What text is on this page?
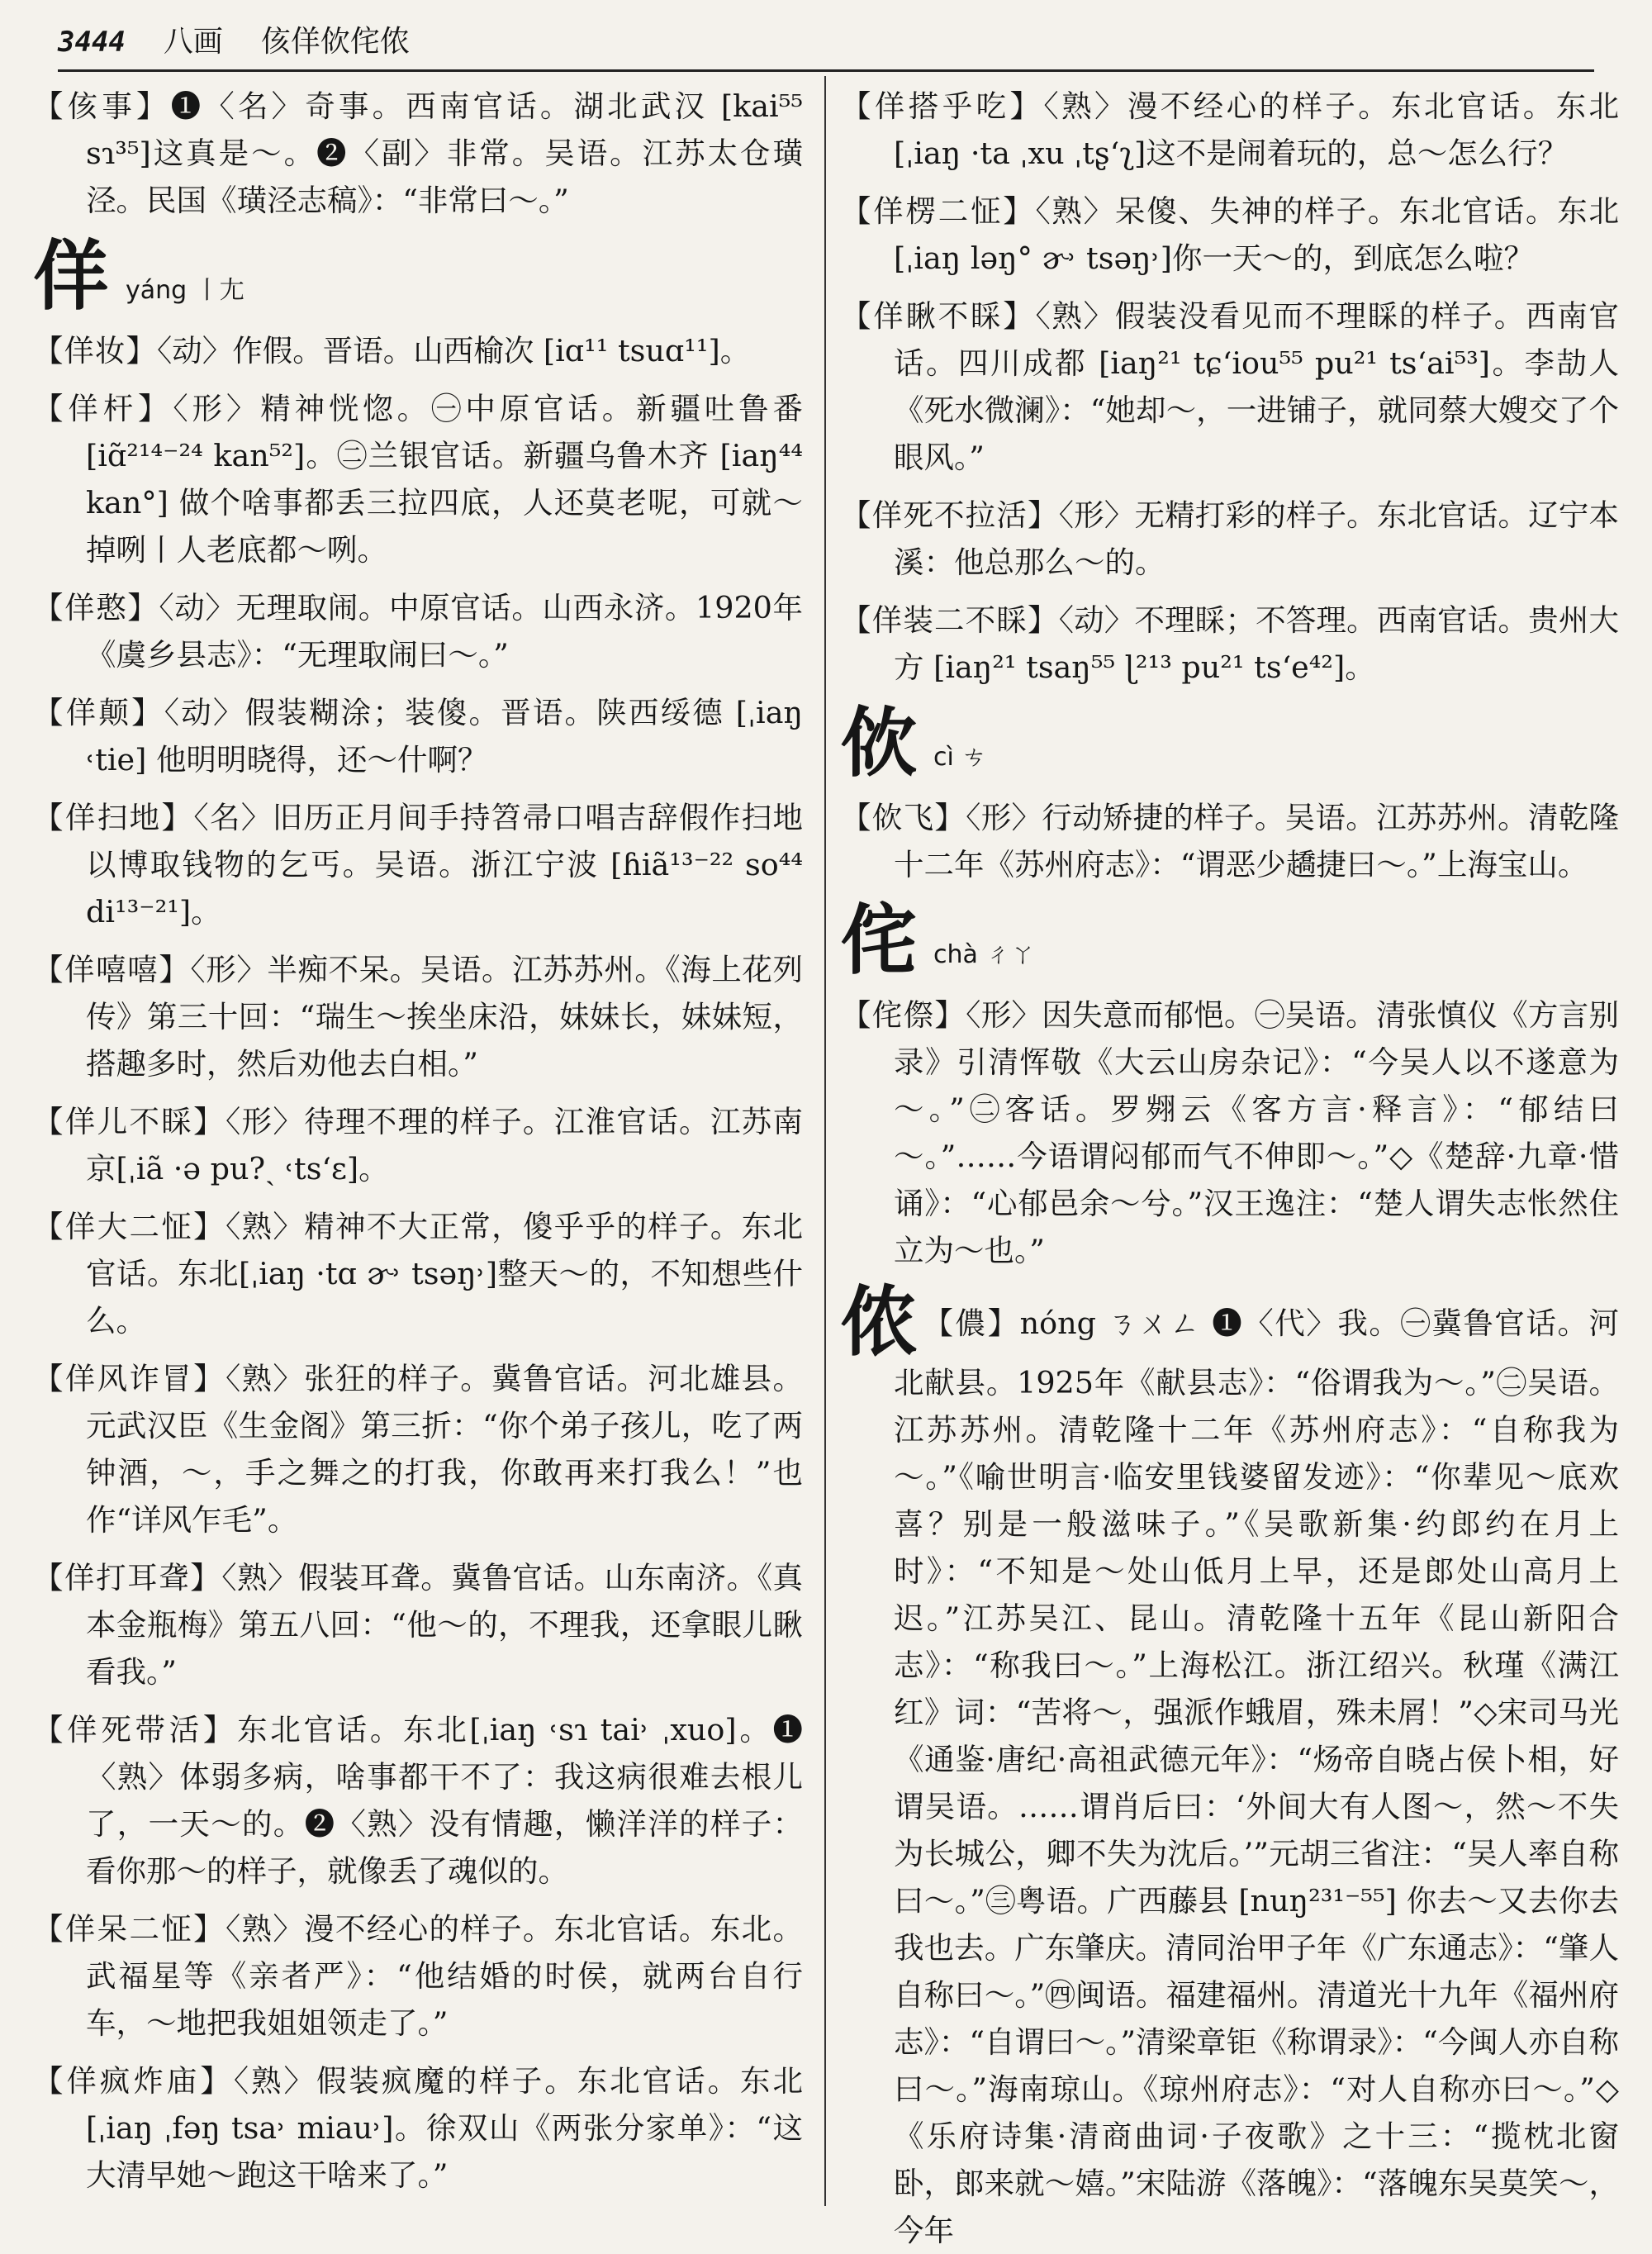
3444 八画 侅佯佽侘侬

【侅事】❶〈名〉奇事。西南官话。湖北武汉 [kai⁵⁵ sɿ³⁵]这真是～。❷〈副〉非常。吴语。江苏太仓璜泾。民国《璜泾志稿》：“非常曰～。”

佯 yáng 丨尢

【佯妆】〈动〉作假。晋语。山西榆次 [iɑ¹¹ tsuɑ¹¹]。

【佯杆】〈形〉精神恍惚。㊀中原官话。新疆吐鲁番 [iɑ̃²¹⁴⁻²⁴ kan⁵²]。㊁兰银官话。新疆乌鲁木齐 [iaŋ⁴⁴ kan°] 做个啥事都丢三拉四底，人还莫老呢，可就～掉咧丨人老底都～咧。

【佯憨】〈动〉无理取闹。中原官话。山西永济。1920年《虞乡县志》：“无理取闹曰～。”

【佯颠】〈动〉假装糊涂；装傻。晋语。陕西绥德 [ˌiaŋ ˓tie] 他明明晓得，还～什啊？

【佯扫地】〈名〉旧历正月间手持笤帚口唱吉辞假作扫地以博取钱物的乞丐。吴语。浙江宁波 [ɦiã¹³⁻²² so⁴⁴ di¹³⁻²¹]。

【佯嘻嘻】〈形〉半痴不呆。吴语。江苏苏州。《海上花列传》第三十回：“瑞生～挨坐床沿，妹妹长，妹妹短，搭趣多时，然后劝他去白相。”

【佯儿不睬】〈形〉待理不理的样子。江淮官话。江苏南京[ˌiã ·ə pu?ˎ ˓ts‘ɛ]。

【佯大二怔】〈熟〉精神不大正常，傻乎乎的样子。东北官话。东北[ˌiaŋ ·tɑ ɚ˒ tsəŋ˒]整天～的，不知想些什么。

【佯风诈冒】〈熟〉张狂的样子。冀鲁官话。河北雄县。元武汉臣《生金阁》第三折：“你个弟子孩儿，吃了两钟酒，～，手之舞之的打我，你敢再来打我么！”也作“详风乍毛”。

【佯打耳聋】〈熟〉假装耳聋。冀鲁官话。山东南济。《真本金瓶梅》第五八回：“他～的，不理我，还拿眼儿瞅看我。”

【佯死带活】东北官话。东北[ˌiaŋ ˓sɿ tai˒ ˌxuo]。❶〈熟〉体弱多病，啥事都干不了：我这病很难去根儿了，一天～的。❷〈熟〉没有情趣，懒洋洋的样子：看你那～的样子，就像丢了魂似的。

【佯呆二怔】〈熟〉漫不经心的样子。东北官话。东北。武福星等《亲者严》：“他结婚的时侯，就两台自行车，～地把我姐姐领走了。”

【佯疯炸庙】〈熟〉假装疯魔的样子。东北官话。东北[ˌiaŋ ˌfəŋ tsa˒ miau˒]。徐双山《两张分家单》：“这大清早她～跑这干啥来了。”

【佯搭乎吃】〈熟〉漫不经心的样子。东北官话。东北[ˌiaŋ ·ta ˌxu ˌtʂ‘ʅ]这不是闹着玩的，总～怎么行？

【佯楞二怔】〈熟〉呆傻、失神的样子。东北官话。东北[ˌiaŋ ləŋ° ɚ˒ tsəŋ˒]你一天～的，到底怎么啦？

【佯瞅不睬】〈熟〉假装没看见而不理睬的样子。西南官话。四川成都 [iaŋ²¹ tɕ‘iou⁵⁵ pu²¹ ts‘ai⁵³]。李劼人《死水微澜》：“她却～，一进铺子，就同蔡大嫂交了个眼风。”

【佯死不拉活】〈形〉无精打彩的样子。东北官话。辽宁本溪：他总那么～的。

【佯装二不睬】〈动〉不理睬；不答理。西南官话。贵州大方 [iaŋ²¹ tsaŋ⁵⁵ ɭ²¹³ pu²¹ ts‘e⁴²]。

佽 cì ㄘ

【佽飞】〈形〉行动矫捷的样子。吴语。江苏苏州。清乾隆十二年《苏州府志》：“谓恶少趫捷曰～。”上海宝山。

侘 chà ㄔㄚ

【侘傺】〈形〉因失意而郁悒。㊀吴语。清张慎仪《方言别录》引清恽敬《大云山房杂记》：“今吴人以不遂意为～。”㊁客话。罗翙云《客方言·释言》：“郁结曰～。”……今语谓闷郁而气不伸即～。”◇《楚辞·九章·惜诵》：“心郁邑余～兮。”汉王逸注：“楚人谓失志怅然住立为～也。”

侬 【儂】nóng ㄋㄨㄥ ❶〈代〉我。㊀冀鲁官话。河北献县。1925年《献县志》：“俗谓我为～。”㊁吴语。江苏苏州。清乾隆十二年《苏州府志》：“自称我为～。”《喻世明言·临安里钱婆留发迹》：“你辈见～底欢喜？别是一般滋味子。”《吴歌新集·约郎约在月上时》：“不知是～处山低月上早，还是郎处山高月上迟。”江苏吴江、昆山。清乾隆十五年《昆山新阳合志》：“称我曰～。”上海松江。浙江绍兴。秋瑾《满江红》词：“苦将～，强派作蛾眉，殊未屑！”◇宋司马光《通鉴·唐纪·高祖武德元年》：“炀帝自晓占侯卜相，好谓吴语。……谓肖后曰：‘外间大有人图～，然～不失为长城公，卿不失为沈后。’”元胡三省注：“吴人率自称曰～。”㊂粤语。广西藤县 [nuŋ²³¹⁻⁵⁵] 你去～又去你去我也去。广东肇庆。清同治甲子年《广东通志》：“肇人自称曰～。”㊃闽语。福建福州。清道光十九年《福州府志》：“自谓曰～。”清梁章钜《称谓录》：“今闽人亦自称曰～。”海南琼山。《琼州府志》：“对人自称亦曰～。”◇《乐府诗集·清商曲词·子夜歌》之十三：“揽枕北窗卧，郎来就～嬉。”宋陆游《落魄》：“落魄东吴莫笑～，今年
